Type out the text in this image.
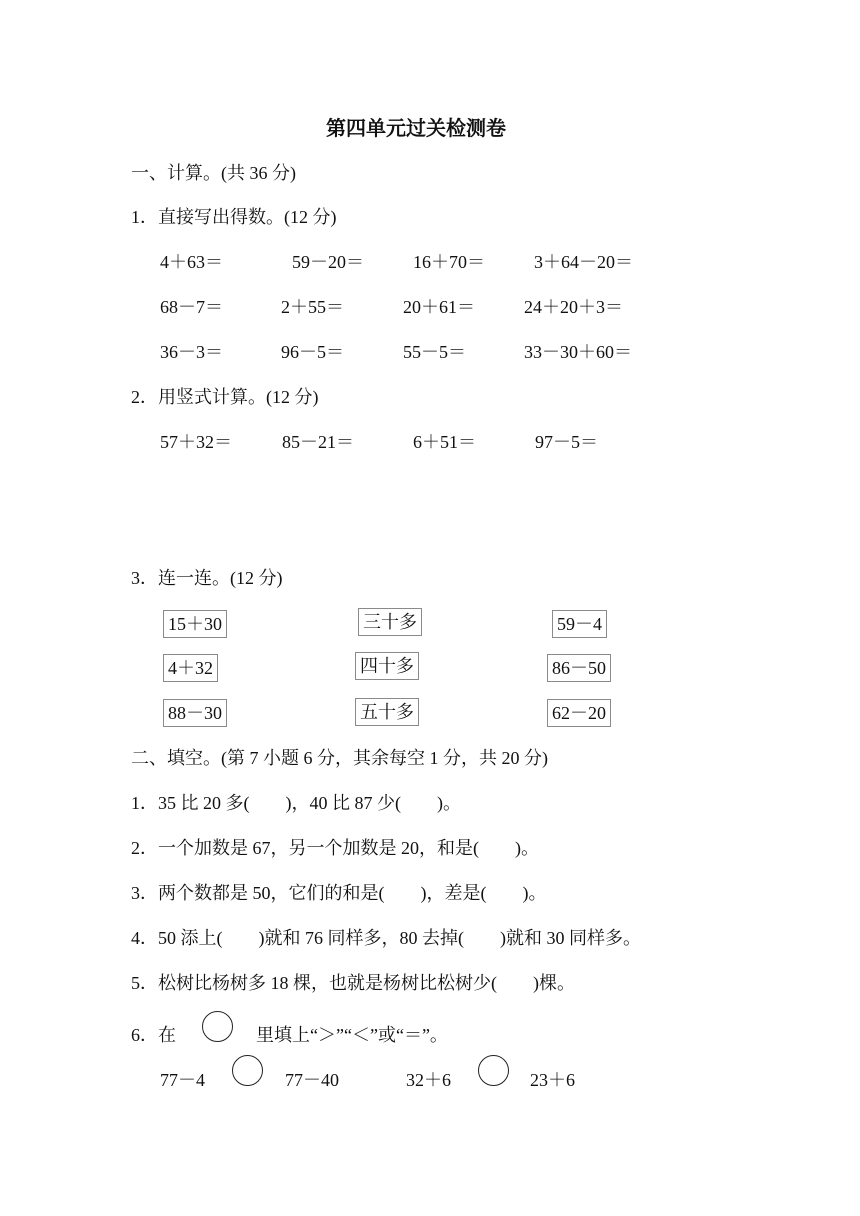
第四单元过关检测卷
一、计算。(共 36 分)
1．直接写出得数。(12 分)
4＋63＝	59－20＝	16＋70＝	3＋64－20＝
68－7＝	2＋55＝	20＋61＝	24＋20＋3＝
36－3＝	96－5＝	55－5＝	33－30＋60＝
2．用竖式计算。(12 分)
57＋32＝	85－21＝	6＋51＝	97－5＝
3．连一连。(12 分)
15＋30	三十多	59－4
4＋32	四十多	86－50
88－30	五十多	62－20
二、填空。(第 7 小题 6 分，其余每空 1 分，共 20 分)
1．35 比 20 多(　　)，40 比 87 少(　　)。
2．一个加数是 67，另一个加数是 20，和是(　　)。
3．两个数都是 50，它们的和是(　　)，差是(　　)。
4．50 添上(　　)就和 76 同样多，80 去掉(　　)就和 30 同样多。
5．松树比杨树多 18 棵，也就是杨树比松树少(　　)棵。
6．在	里填上“＞”“＜”或“＝”。
77－4	77－40	32＋6	23＋6
